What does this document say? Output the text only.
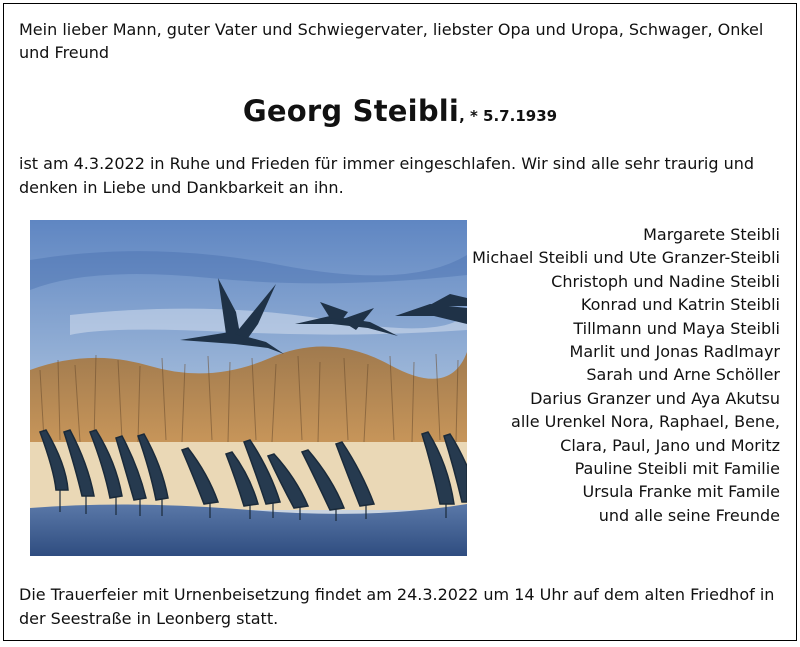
Mein lieber Mann, guter Vater und Schwiegervater, liebster Opa und Uropa, Schwager, Onkel und Freund
Georg Steibli, * 5.7.1939
ist am 4.3.2022 in Ruhe und Frieden für immer eingeschlafen. Wir sind alle sehr traurig und denken in Liebe und Dankbarkeit an ihn.
Margarete Steibli
Michael Steibli und Ute Granzer-Steibli
Christoph und Nadine Steibli
Konrad und Katrin Steibli
Tillmann und Maya Steibli
Marlit und Jonas Radlmayr
Sarah und Arne Schöller
Darius Granzer und Aya Akutsu
alle Urenkel Nora, Raphael, Bene,
Clara, Paul, Jano und Moritz
Pauline Steibli mit Familie
Ursula Franke mit Famile
und alle seine Freunde
Die Trauerfeier mit Urnenbeisetzung findet am 24.3.2022 um 14 Uhr auf dem alten Friedhof in der Seestraße in Leonberg statt.
